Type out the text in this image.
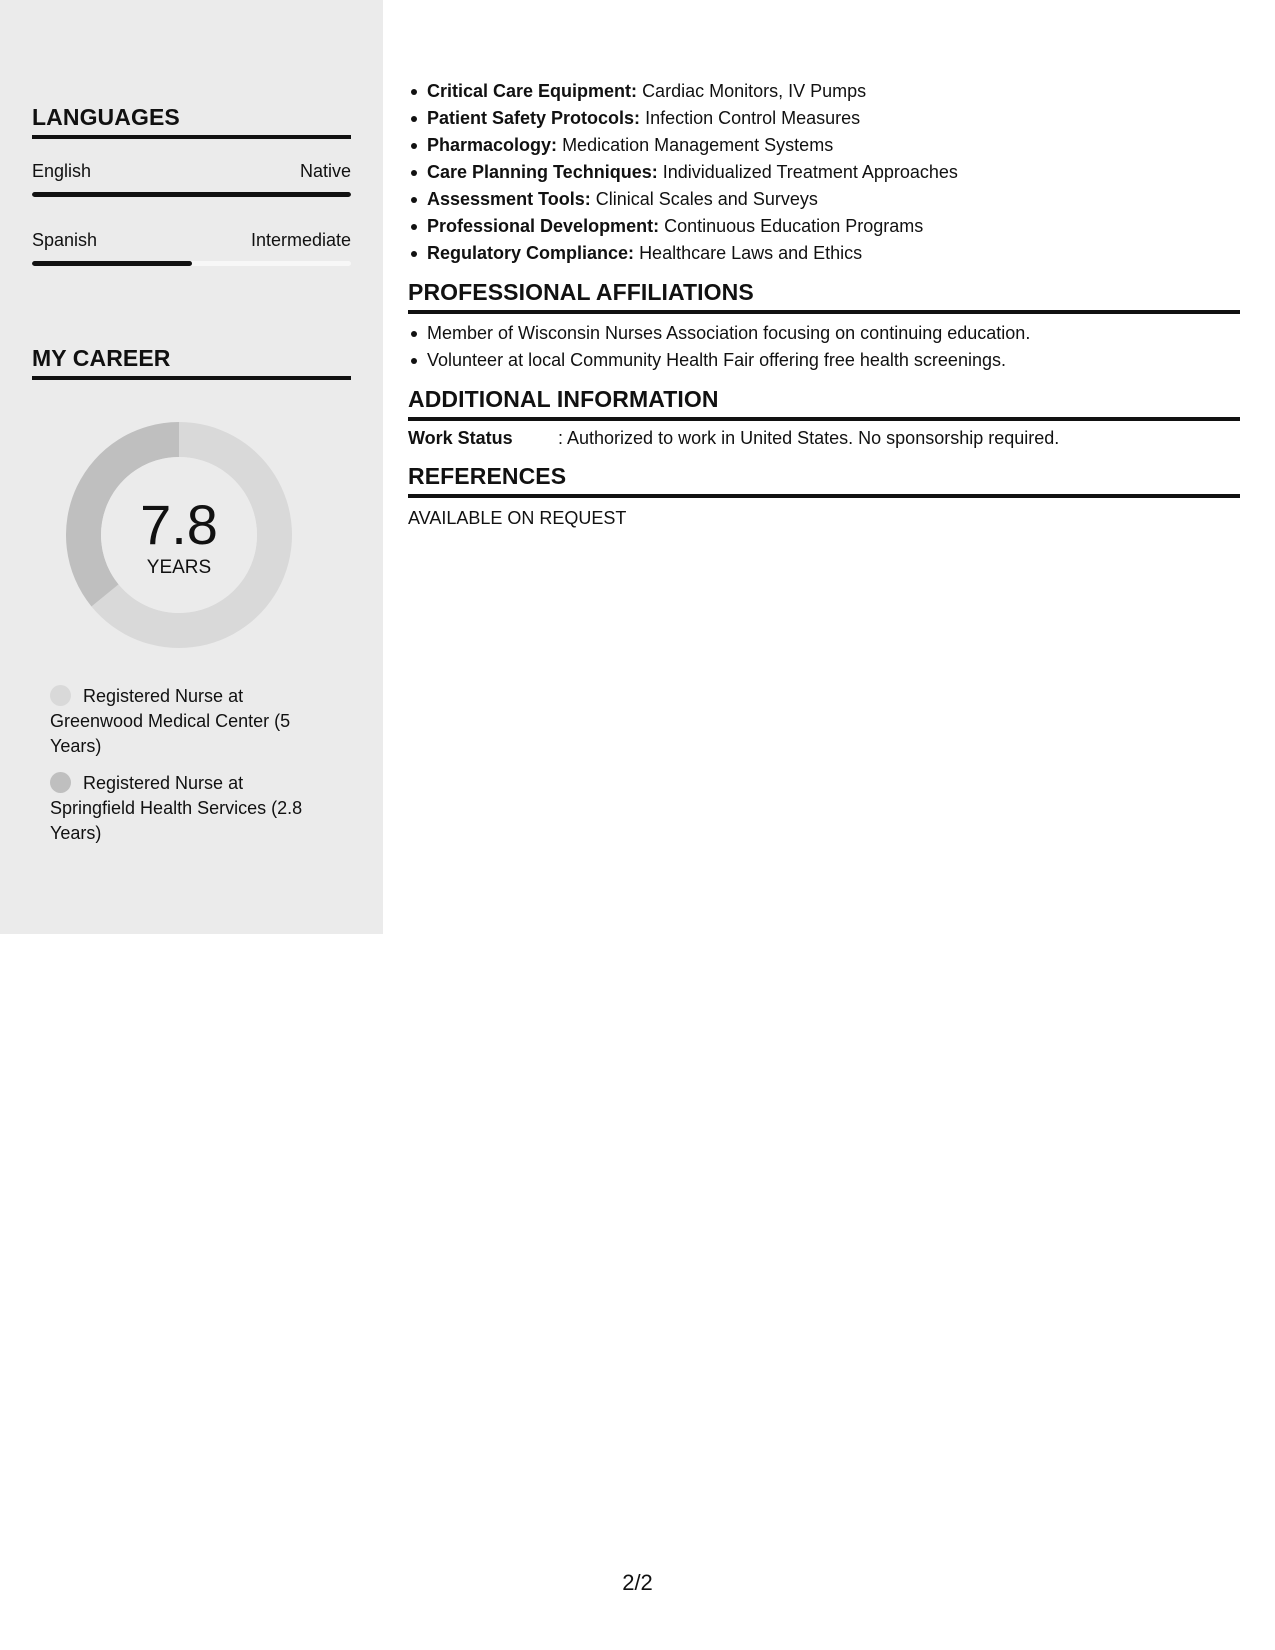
LANGUAGES
English	Native
Spanish	Intermediate
MY CAREER
7.8
YEARS
Registered Nurse at Greenwood Medical Center (5 Years)
Registered Nurse at Springfield Health Services (2.8 Years)
Critical Care Equipment: Cardiac Monitors, IV Pumps
Patient Safety Protocols: Infection Control Measures
Pharmacology: Medication Management Systems
Care Planning Techniques: Individualized Treatment Approaches
Assessment Tools: Clinical Scales and Surveys
Professional Development: Continuous Education Programs
Regulatory Compliance: Healthcare Laws and Ethics
PROFESSIONAL AFFILIATIONS
Member of Wisconsin Nurses Association focusing on continuing education.
Volunteer at local Community Health Fair offering free health screenings.
ADDITIONAL INFORMATION
Work Status	: Authorized to work in United States. No sponsorship required.
REFERENCES
AVAILABLE ON REQUEST
2/2
